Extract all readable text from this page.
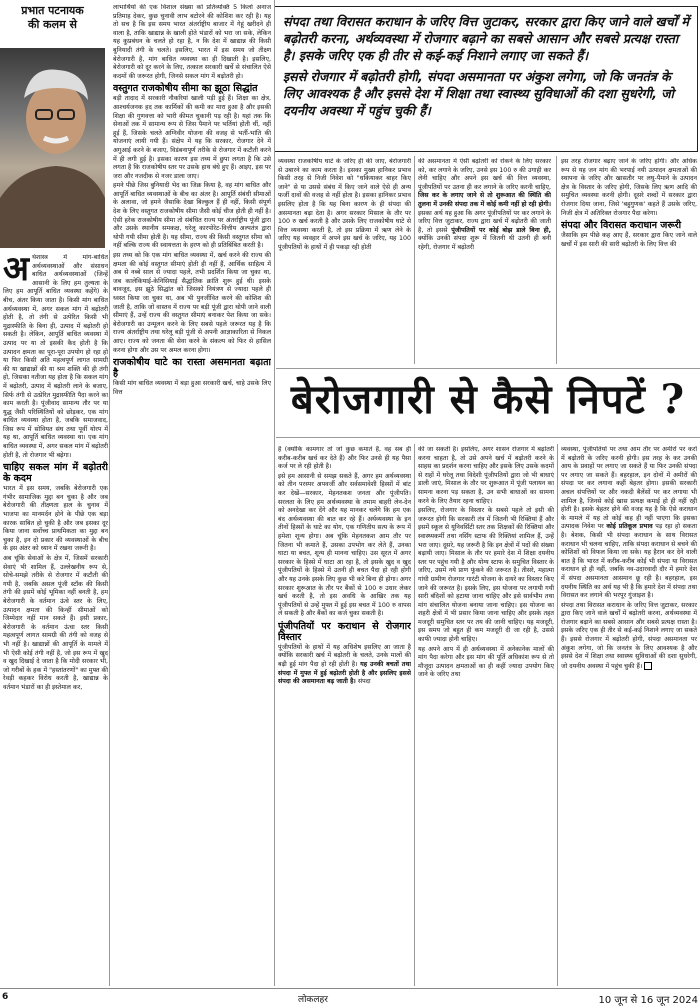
प्रभात पटनायक
की कलम से

अर्थशास्त्र में मांग-बाधित अर्थव्यवस्थाओं और संसाधन बाधित अर्थव्यवस्थाओं (जिन्हें आसानी के लिए हम तुल्यता के लिए हम आपूर्ति बाधित व्यवस्था कहेंगे) के बीच, अंतर किया जाता है। किसी मांग बाधित अर्थव्यवस्था में, अगर सकल मांग में बढ़ोतरी होती है, तो तंगी से उत्पेरित किसी भी मुद्रास्फीति के बिना ही, उत्पाद में बढ़ोतरी हो सकती है। लेकिन, आपूर्ति बाधित व्यवस्था में उत्पाद पर या तो इसकी कैद होती है कि उत्पादन क्षमता का पूरा-पूरा उपयोग हो रहा हो या फिर किसी अति महत्वपूर्ण लागत सामग्री की या खाद्यान्नों की या श्रम शक्ति की ही तंगी हो, जिसका नतीजा यह होता है कि सकल मांग में बढ़ोतरी, उत्पाद में बढ़ोतरी लाने के बजाए, सिर्फ तंगी से उत्प्रेरित मुद्रास्फीति पैदा करने का काम करती है। पूंजीवाद सामान्य तौर पर या युद्ध जैसी परिस्थितियों को छोड़कर, एक मांग बाधित व्यवस्था होता है, जबकि समाजवाद, जिस रूप में सोवियत संघ तथा पूर्वी योरप में यह था, आपूर्ति बाधित व्यवस्था था। एक मांग बाधित व्यवस्था में, अगर सकल मांग में बढ़ोतरी होती है, तो रोजगार भी बढ़ेगा।

चाहिए सकल मांग में बढ़ोतरी के कदम

भारत में इस समय, जबकि बेरोजगारी एक गंभीर सामाजिक मुद्दा बन चुका है और जब बेरोजगारी की तीक्ष्णता हाल के चुनाव में भाजपा का मानमर्दन होने के पीछे एक बड़ा कारक साबित हो चुकी है और जब इसका दूर किया जाना सर्वोच्च प्राथमिकता का मुद्दा बन चुका है, इन दो प्रकार की व्यवस्थाओं के बीच के इस अंतर को ध्यान में रखना जरूरी है।

अब चूंकि सेवाओं के क्षेत्र में, जिसमें सरकारी सेवाएं भी शामिल हैं, उल्लेखनीय रूप से, सोचे-समझे तरीके से रोजगार में कटौती की गयी है, जबकि असल पूंजी स्टॉक की किसी तंगी की इसमें कोई भूमिका नहीं बनती है, हम बेरोजगारी के वर्तमान ऊंचे स्तर के लिए, उत्पादन क्षमता की किन्हीं सीमाओं को जिम्मेदार नहीं मान सकते हैं। इसी प्रकार, बेरोजगारी के वर्तमान ऊंचा स्तर किसी महत्वपूर्ण लागत सामग्री की तंगी को वजह से भी नहीं है। खाद्यान्नों की आपूर्ति के मामले में भी ऐसी कोई तंगी नहीं है, जो इस रूप में खुद व खुद दिखाई दे जाता है कि मोदी सरकार भी, जो गरीबों के हक में "हस्तांतरणों" का मुफ्त की रेवड़ी कहकर विरोध करती है, खाद्यान्न के वर्तमान भंडारों का ही इस्तेमाल कर,

लाभार्थियों की एक विशाल संख्या को प्रतिव्यक्ति 5 किलो अनाज प्रतिमाह देकर, कुछ चुनावी लाभ बटोरने की कोशिश कर रही है। यह तो सच है कि इस समय भारत अंतर्राष्ट्रीय बाजार में गेहूं खरीदने ही वाला है, ताकि खाद्यान्न के खाली होते भंडारों को भरा जा सके, लेकिन यह कुप्रबंधन के चलते हो रहा है, न कि देश में खाद्यान्न की किसी बुनियादी तंगी के चलते। इसलिए, भारत में इस समय जो तीक्ष्ण बेरोजगारी है, मांग बाधित व्यवस्था का ही दिखाती है। इसलिए, बेरोजगारी को दूर करने के लिए, तत्काल सरकारी खर्चे से संचालित ऐसे कदमों की जरूरत होगी, जिनसे सकल मांग में बढ़ोतरी हो।

वस्तुगत राजकोषीय सीमा का झूठा सिद्धांत

बड़ी तादाद में सरकारी नौकरियां खाली पड़ी हुई हैं। शिक्षा का क्षेत्र, आश्चर्यजनक हद तक कार्मिकों की कमी का मारा हुआ है और इसकी शिक्षा की गुणवत्ता को भारी कीमत चुकानी पड़ रही है। यहां तक कि सेनाओं तक में सामान्य रूप से जिस पैमाने पर भर्तियां होती थीं, नहीं हुई हैं, जिसके चलते अग्निवीर योजना की वजह से भर्ती-भांति की योजनाएं लायी गयी हैं। संक्षेप में यह कि सरकार, रोजगार देने में अगुआई करने के बजाए, विडंबनापूर्ण तरीके से रोजगार में कटौती करने में ही लगी हुई है। इसका कारण इस तथ्य में छुपा लगता है कि उसे लगता है कि राजकोषीय स्तर पर उसके हाथ बंधे हुए हैं। आइए, इस पर जरा और नजदीक से नजर डाला जाए।

हमने पीछे जिस बुनियादी भेद का जिक्र किया है, वह मांग बाधित और आपूर्ति बाधित व्यवस्थाओं के बीच का अंतर है। आपूर्ति संबंधी सीमाओं के अलावा, जो हमने जैसाकि देखा बिल्कुल हैं ही नहीं, किसी संपूर्ण देश के लिए वस्तुगत राजकोषीय सीमा जैसी कोई चीज होती ही नहीं है। ऐसी हरेक राजकोषीय सीमा तो संबंधित राज्य पर अंतर्राष्ट्रीय पूंजी द्वारा और उसके स्थानीय समकक्ष, घरेलू कारपोरेट-वित्तीय अल्पतंत्र द्वारा थोपी गयी सीमा होती है। यह सीमा, राज्य की किसी वस्तुगत सीमा को नहीं बल्कि राज्य की स्वायत्तता के हरण को ही प्रतिबिंबित करती है।

इस तथ्य को कि एक मांग बाधित व्यवस्था में, खर्च करने की राज्य की क्षमता की कोई वस्तुगत सीमाएं होती ही नहीं हैं, आर्थिक साहित्य में अब से नब्बे साल से ज्यादा पहले, तभी प्रदर्शित किया जा चुका था, जब कालेकियाई-केनिसियाई सैद्धांतिक क्रांति शुरू हुई थी। इसके बावजूद, इस झूठे सिद्धांत को जिसको नियंत्रण से ज्यादा पहले ही ध्वस्त किया जा चुका था, अब भी पुनर्जीवित करने की कोशिश की जाती है, ताकि जो वास्तव में राज्य पर बड़ी पूंजी द्वारा थोपी जाने वाली सीमाएं हैं, उन्हें राज्य की वस्तुगत सीमाएं बनाकर पेश किया जा सके। बेरोजगारी का उन्मूलन करने के लिए सबसे पहले जरूरत यह है कि राज्य अंतर्राष्ट्रीय तथा घरेलू बड़ी पूंजी से अपनी आज्ञाकारिता से निकल आए। राज्य को जनता की सेवा करने के संकल्प को फिर से हासिल करना होगा और उस पर अमल करना होगा।

राजकोषीय घाटे का रास्ता असमानता बढ़ाता है

किसी मांग बाधित व्यवस्था में बड़ा हुआ सरकारी खर्च, चाहे उसके लिए वित्त

संपदा तथा विरासत कराधान के जरिए वित्त जुटाकर, सरकार द्वारा किए जाने वाले खर्चों में बढ़ोतरी करना, अर्थव्यवस्था में रोजगार बढ़ाने का सबसे आसान और सबसे प्रत्यक्ष रास्ता है। इसके जरिए एक ही तीर से कई-कई निशाने लगाए जा सकते हैं।

इससे रोजगार में बढ़ोतरी होगी, संपदा असमानता पर अंकुश लगेगा, जो कि जनतंत्र के लिए आवश्यक है और इससे देश में शिक्षा तथा स्वास्थ्य सुविधाओं की दशा सुधरेगी, जो दयनीय अवस्था में पहुंच चुकी हैं।

व्यवस्था राजकोषीय घाटे के जरिए ही की जाए, बेरोजगारी से उबारने का काम करता है। इसका मुख्य हानिकर प्रभाव किसी तरह से निजी निवेश को "धकियाकर बाहर किए जाने" से या उससे संबंध में किए जाने वाले ऐसे ही अन्य फर्जी दावों की वजह से नहीं होता है। इसका हानिकर प्रभाव इसलिए होता है कि यह बिना कारण के ही संपदा की असमानता बढ़ा देता है। अगर सरकार मिसाल के तौर पर 100 रु खर्च करती है और उसके लिए राजकोषीय घाटे से वित्त व्यवस्था करती है, तो इस प्रक्रिया में ऋण लेने के जरिए यह व्यवहार में अपने इस खर्च के जरिए, यह 100 पूंजीपतियों के हाथों में ही पकड़ा रही होती

की असमानता में ऐसी बढ़ोतरी को रोकने के लिए सरकार को, कर लगाने के जरिए, उनसे इस 100 रु की उगाही कर लेनी चाहिए और अपने इस खर्च की वित्त व्यवस्था, पूंजीपतियों पर उतना ही कर लगाने के जरिए करनी चाहिए, जिस कर के लगाए जाने से तो शुरूआत की स्थिति की तुलना में उनकी संपदा तक में कोई कमी नहीं हो रही होगी। इसका अर्थ यह हुआ कि अगर पूंजीपतियों पर कर लगाने के जरिए वित्त जुटाकर, राज्य द्वारा खर्च में बढ़ोतरी की जाती है, तो इससे पूंजीपतियों पर कोई बोझ डाले बिना ही, क्योंकि उनकी संपदा शुरू में जितनी थी उतनी ही बनी रहेगी, रोजगार में बढ़ोतरी

इस तरह रोजगार बढ़ाए जाने के जरिए होगी। और अधिक रूप से यह जन मांग की भरपाई नयी उत्पादन क्षमताओं की स्थापना के जरिए और खासतौर पर लघु-पैमाने के उत्पादन क्षेत्र के विस्तार के जरिए होगी, जिसके लिए ऋण आदि की समुचित व्यवस्था करनी होगी। दूसरे शब्दों में सरकार द्वारा रोजगार दिया जाना, जिसे 'बहुगुणक' कहते हैं उसके जरिए, निजी क्षेत्र में अतिरिक्त रोजगार पैदा करेगा।

संपदा और विरासत कराधान जरूरी

जैसाकि हम पीछे कह आए हैं, सरकार द्वारा किए जाने वाले खर्चों में इस सारी की सारी बढ़ोतरी के लिए वित्त की

बेरोजगारी से कैसे निपटें ?

है (क्योंकि कामगार तो जो कुछ कमाते हैं, वह सब ही करीब-करीब खर्च कर देते हैं) और फिर उनसे ही यह पैसा कर्ज पर ले रही होती है।

इसे हम आसानी से समझ सकते हैं, अगर हम अर्थव्यवस्था को तीन परस्पर अपवर्जी और सर्वसमावेशी हिस्सों में बांट कर देखें—सरकार, मेहनतकश जनता और पूंजीपति। सरलता के लिए हम अर्थव्यवस्था के तमाम बाहरी लेन-देन को अनदेखा कर देंगे और यह मानकर चलेंगे कि हम एक बंद अर्थव्यवस्था की बात कर रहे हैं। अर्थव्यवस्था के इन तीनों हिस्सों के घाटे का योग, एक गणितीय सत्य के रूप में हमेशा शून्य होगा। अब चूंकि मेहनतकश आम तौर पर जितना भी कमाते हैं, उसका उपभोग कर लेते हैं, उनका घाटा या बचत, शून्य ही मानना चाहिए। उस सूरत में अगर सरकार के हिस्से में घाटा आ रहा है, तो इसके खुद व खुद पूंजीपतियों के हिस्से में उतनी ही बचत पैदा हो रही होगी और यह उनके इसके लिए कुछ भी करे बिना ही होगा। अगर सरकार शुरूआत के तौर पर बैंकों से 100 रु उधार लेकर खर्च करती है, तो इस अवधि के आखिर तक यह पूंजीपतियों से उन्हें मुफ्त में हुई इस बचत में 100 रु वापस ले सकती है और बैंकों का कर्ज चुका सकती है।

पूंजीपतियों पर कराधान से रोजगार विस्तार

पूंजीपतियों के हाथों में यह अधिशेष इसलिए आ जाता है क्योंकि सरकारी खर्च में बढ़ोतरी के चलते, उनके मालों की बढ़ी हुई मांग पैदा हो रही होती है। यह उनकी बचतों तथा संपदा में मुफ्त में हुई बढ़ोतरी होती है और इसलिए इससे संपदा की असमानता बढ़ जाती है। संपदा

की जा सकती है। इसलिए, अगर शासन रोजगार में बढ़ोतरी करना चाहता है, तो उसे अपने खर्च में बढ़ोतरी करने के साहस का प्रदर्शन करना चाहिए और इसके लिए उसके कदमों से राहों में घरेलू तथा विदेशी पूंजीपतियों द्वारा जो भी बाधाएं डाली जाएं, मिसाल के तौर पर शुरूआत में पूंजी पलायन का सामना करना पड़ सकता है, उन सभी बाधाओं का सामना करने के लिए तैयार रहना चाहिए।

इसलिए, रोजगार के विस्तार के सबसे पहले तो इसी की जरूरत होगी कि सरकारी तंत्र में जितनी भी रिक्तियां हैं और इसमें स्कूल से यूनिवर्सिटी स्तर तक शिक्षकों की रिक्तियां और स्वास्थ्यकर्मी तथा नर्सिंग स्टाफ की रिक्तियां शामिल हैं, उन्हें भरा जाए। दूसरे, यह जरूरी है कि इन क्षेत्रों में पदों की संख्या बढ़ायी जाए। मिसाल के तौर पर हमारे देश में शिक्षा दयनीय स्तर पर पहुंच गयी है और योग्य स्टाफ के समुचित विस्तार के जरिए, उसमें नये प्राण फूंकने की जरूरत है। तीसरे, महात्मा गांधी ग्रामीण रोजगार गारंटी योजना के दायरे का विस्तार किए जाने की जरूरत है। इसके लिए, इस योजना पर लगायी गयी सारी बंदिशों को हटाया जाना चाहिए और इसे सार्वभौम तथा मांग संचालित योजना बनाया जाना चाहिए। इस योजना का शहरी क्षेत्रों में भी प्रसार किया जाना चाहिए और इसके तहत मजदूरी समुचित स्तर पर तय की जानी चाहिए। यह मजदूरी, इस समय जो बहुत ही कम मजदूरी दी जा रही है, उससे काफी ज्यादा होनी चाहिए।

यह अपने आप में ही अर्थव्यवस्था में अनेकानेक मालों की मांग पैदा करेगा और इस मांग की पूर्ति अधिकांश रूप से तो मौजूदा उत्पादन क्षमताओं का ही कहीं ज्यादा उपयोग किए जाने के जरिए तथा

व्यवस्था, पूंजीपतियों पर तथा आम तौर पर अमीरों पर करों में बढ़ोतरी के जरिए करनी होगी। इस तरह के कर उनकी आय के प्रवाहों पर लगाए जा सकते हैं या फिर उनकी संपदा पर लगाए जा सकते हैं। बहरहाल, इन दोनों में अमीरों की संपदा पर कर लगाना कहीं बेहतर होगा। इसकी सरकारी अचल संपत्तियों पर और नकदी बैलेंसों पर कर लगाया भी शामिल है, जिनसे कोई खास प्रत्यक्ष कमाई हो ही नहीं रही होती है। इसके बेहतर होने की वजह यह है कि ऐसे कराधान के मामले में यह तो कोई कह ही नहीं पाएगा कि इसका उत्पादक निवेश पर कोई प्रतिकूल प्रभाव पड़ रहा हो सकता है। बेशक, किसी भी संपदा कराधान के साथ विरासत कराधान भी चलना चाहिए, ताकि संपदा कराधान से बचने की कोशिशों को विफल किया जा सके। यह हैरान कर देने वाली बात है कि भारत में करीब-करीब कोई भी संपदा या विरासत कराधान हो ही नहीं, जबकि नव-उदारवादी दौर में हमारे देश में संपदा असमानता आसमान छू रही है। बहरहाल, इस दयनीय स्थिति का अर्थ यह भी है कि हमारे देश में संपदा तथा विरासत कर लगाने की भरपूर गुंजाइश है।

संपदा तथा विरासत कराधान के जरिए वित्त जुटाकर, सरकार द्वारा किए जाने वाले खर्चों में बढ़ोतरी करना, अर्थव्यवस्था में रोजगार बढ़ाने का सबसे आसान और सबसे प्रत्यक्ष रास्ता है। इसके जरिए एक ही तीर से कई-कई निशाने लगाए जा सकते हैं। इससे रोजगार में बढ़ोतरी होगी, संपदा असमानता पर अंकुश लगेगा, जो कि जनतंत्र के लिए आवश्यक है और इससे देश में शिक्षा तथा स्वास्थ्य सुविधाओं की दशा सुधरेगी, जो दयनीय अवस्था में पहुंच चुकी हैं।

6	लोकलहर	10 जून से 16 जून 2024
